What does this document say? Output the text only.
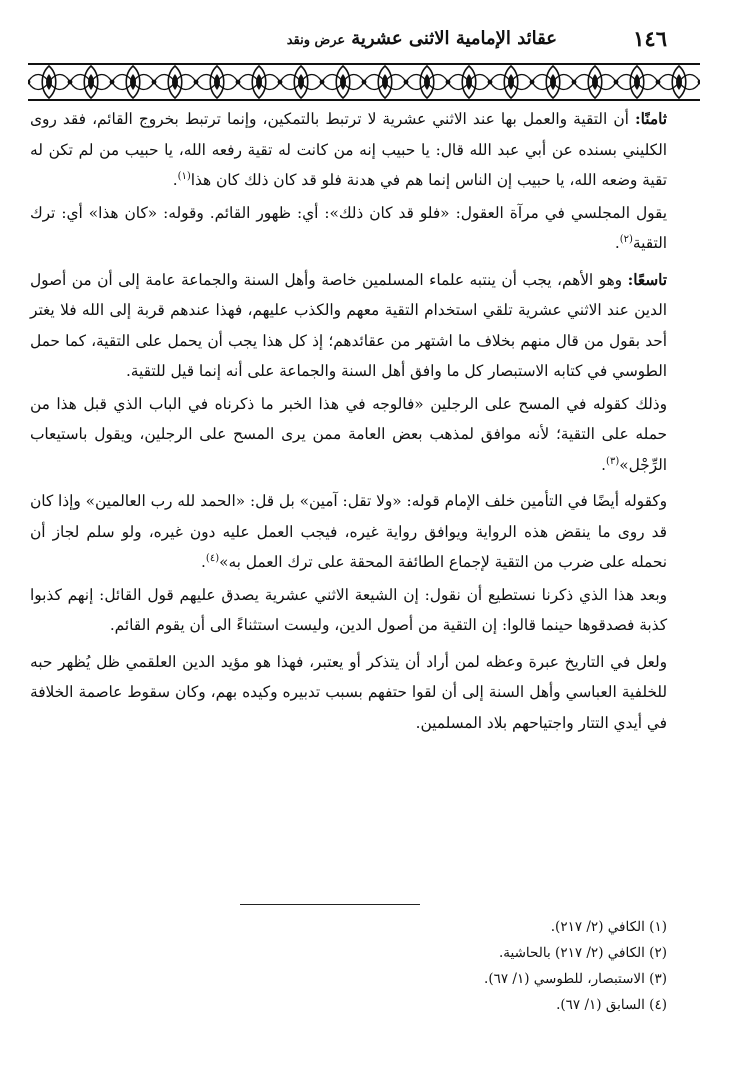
١٤٦
عقائد الإمامية الاثنى عشريةعرض ونقد

ثامنًا: أن التقية والعمل بها عند الاثني عشرية لا ترتبط بالتمكين، وإنما ترتبط بخروج القائم، فقد روى الكليني بسنده عن أبي عبد الله قال: يا حبيب إنه من كانت له تقية رفعه الله، يا حبيب من لم تكن له تقية وضعه الله، يا حبيب إن الناس إنما هم في هدنة فلو قد كان ذلك كان هذا$^{(١)}$.

يقول المجلسي في مرآة العقول: «فلو قد كان ذلك»: أي: ظهور القائم. وقوله: «كان هذا» أي: ترك التقية$^{(٢)}$.

تاسعًا: وهو الأهم، يجب أن ينتبه علماء المسلمين خاصة وأهل السنة والجماعة عامة إلى أن من أصول الدين عند الاثني عشرية تلقي استخدام التقية معهم والكذب عليهم، فهذا عندهم قربة إلى الله فلا يغتر أحد بقول من قال منهم بخلاف ما اشتهر من عقائدهم؛ إذ كل هذا يجب أن يحمل على التقية، كما حمل الطوسي في كتابه الاستبصار كل ما وافق أهل السنة والجماعة على أنه إنما قيل للتقية.

وذلك كقوله في المسح على الرجلين «فالوجه في هذا الخبر ما ذكرناه في الباب الذي قبل هذا من حمله على التقية؛ لأنه موافق لمذهب بعض العامة ممن يرى المسح على الرجلين، ويقول باستيعاب الرِّجْل»$^{(٣)}$.

وكقوله أيضًا في التأمين خلف الإمام قوله: «ولا تقل: آمين» بل قل: «الحمد لله رب العالمين» وإذا كان قد روى ما ينقض هذه الرواية ويوافق رواية غيره، فيجب العمل عليه دون غيره، ولو سلم لجاز أن نحمله على ضرب من التقية لإجماع الطائفة المحقة على ترك العمل به»$^{(٤)}$.

وبعد هذا الذي ذكرنا نستطيع أن نقول: إن الشيعة الاثني عشرية يصدق عليهم قول القائل: إنهم كذبوا كذبة فصدقوها حينما قالوا: إن التقية من أصول الدين، وليست استثناءً الى أن يقوم القائم.

ولعل في التاريخ عبرة وعظه لمن أراد أن يتذكر أو يعتبر، فهذا هو مؤيد الدين العلقمي ظل يُظهر حبه للخلفية العباسي وأهل السنة إلى أن لقوا حتفهم بسبب تدبيره وكيده بهم، وكان سقوط عاصمة الخلافة في أيدي التتار واجتياحهم بلاد المسلمين.

(١) الكافي (٢/ ٢١٧).
(٢) الكافي (٢/ ٢١٧) بالحاشية.
(٣) الاستبصار، للطوسي (١/ ٦٧).
(٤) السابق (١/ ٦٧).
